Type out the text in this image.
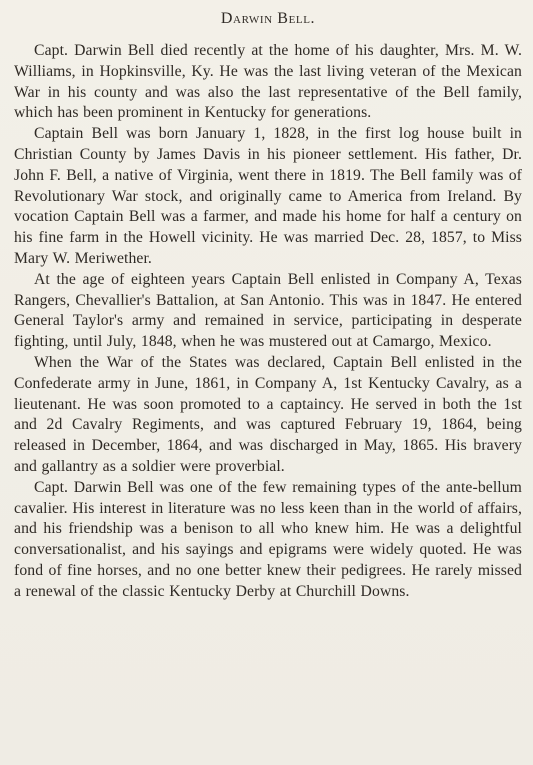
Darwin Bell.

Capt. Darwin Bell died recently at the home of his daughter, Mrs. M. W. Williams, in Hopkinsville, Ky. He was the last living veteran of the Mexican War in his county and was also the last representative of the Bell family, which has been prominent in Kentucky for generations.

Captain Bell was born January 1, 1828, in the first log house built in Christian County by James Davis in his pioneer settlement. His father, Dr. John F. Bell, a native of Virginia, went there in 1819. The Bell family was of Revolutionary War stock, and originally came to America from Ireland. By vocation Captain Bell was a farmer, and made his home for half a century on his fine farm in the Howell vicinity. He was married Dec. 28, 1857, to Miss Mary W. Meriwether.

At the age of eighteen years Captain Bell enlisted in Company A, Texas Rangers, Chevallier's Battalion, at San Antonio. This was in 1847. He entered General Taylor's army and remained in service, participating in desperate fighting, until July, 1848, when he was mustered out at Camargo, Mexico.

When the War of the States was declared, Captain Bell enlisted in the Confederate army in June, 1861, in Company A, 1st Kentucky Cavalry, as a lieutenant. He was soon promoted to a captaincy. He served in both the 1st and 2d Cavalry Regiments, and was captured February 19, 1864, being released in December, 1864, and was discharged in May, 1865. His bravery and gallantry as a soldier were proverbial.

Capt. Darwin Bell was one of the few remaining types of the ante-bellum cavalier. His interest in literature was no less keen than in the world of affairs, and his friendship was a benison to all who knew him. He was a delightful conversationalist, and his sayings and epigrams were widely quoted. He was fond of fine horses, and no one better knew their pedigrees. He rarely missed a renewal of the classic Kentucky Derby at Churchill Downs.
